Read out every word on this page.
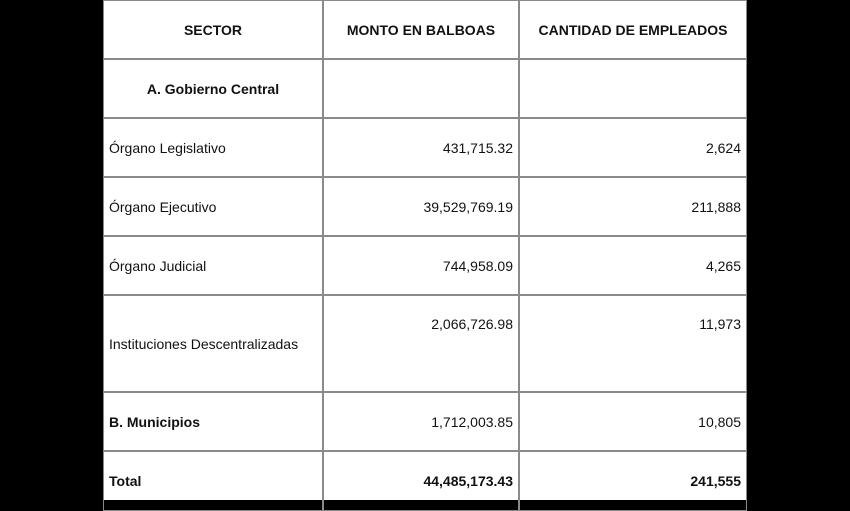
SECTOR	MONTO EN BALBOAS	CANTIDAD DE EMPLEADOS
A. Gobierno Central		
Órgano Legislativo	431,715.32	2,624
Órgano Ejecutivo	39,529,769.19	211,888
Órgano Judicial	744,958.09	4,265
Instituciones Descentralizadas	2,066,726.98	11,973
B. Municipios	1,712,003.85	10,805
Total	44,485,173.43	241,555
